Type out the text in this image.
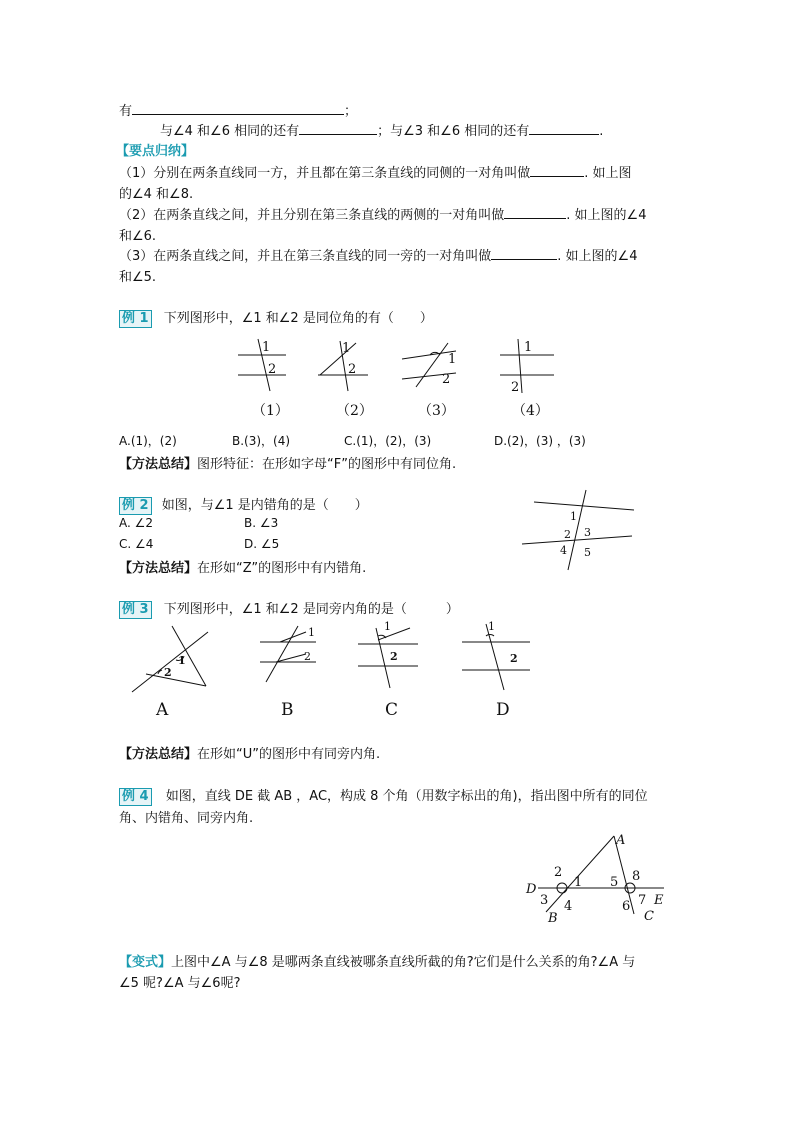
有	；
与∠4 和∠6 相同的还有	；与∠3 和∠6 相同的还有	.
【要点归纳】
（1）分别在两条直线同一方，并且都在第三条直线的同侧的一对角叫做	. 如上图
的∠4 和∠8.
（2）在两条直线之间，并且分别在第三条直线的两侧的一对角叫做	. 如上图的∠4
和∠6.
（3）在两条直线之间，并且在第三条直线的同一旁的一对角叫做	. 如上图的∠4
和∠5.
例 1 下列图形中，∠1 和∠2 是同位角的有（　　）
1
2
1
2
1
2
1
2
（1）	（2）	（3）	（4）
A.(1)，(2)	B.(3)，(4)	C.(1)，(2)，(3)	D.(2)，(3) ，(3)
【方法总结】图形特征：在形如字母“F”的图形中有同位角.
例 2 如图，与∠1 是内错角的是（　　）
A. ∠2	B. ∠3
C. ∠4	D. ∠5
1
2 3
4 5
【方法总结】在形如“Z”的图形中有内错角.
例 3 下列图形中，∠1 和∠2 是同旁内角的是（　　　）
1
2
1
2
1
2
1
2
A	B	C	D
【方法总结】在形如“U”的图形中有同旁内角.
例 4 如图，直线 DE 截 AB ，AC，构成 8 个角（用数字标出的角)，指出图中所有的同位
角、内错角、同旁内角.
A
B	C
D
E
1
2
3 4
5
6 7
8
【变式】上图中∠A 与∠8 是哪两条直线被哪条直线所截的角?它们是什么关系的角?∠A 与
∠5 呢?∠A 与∠6呢?
